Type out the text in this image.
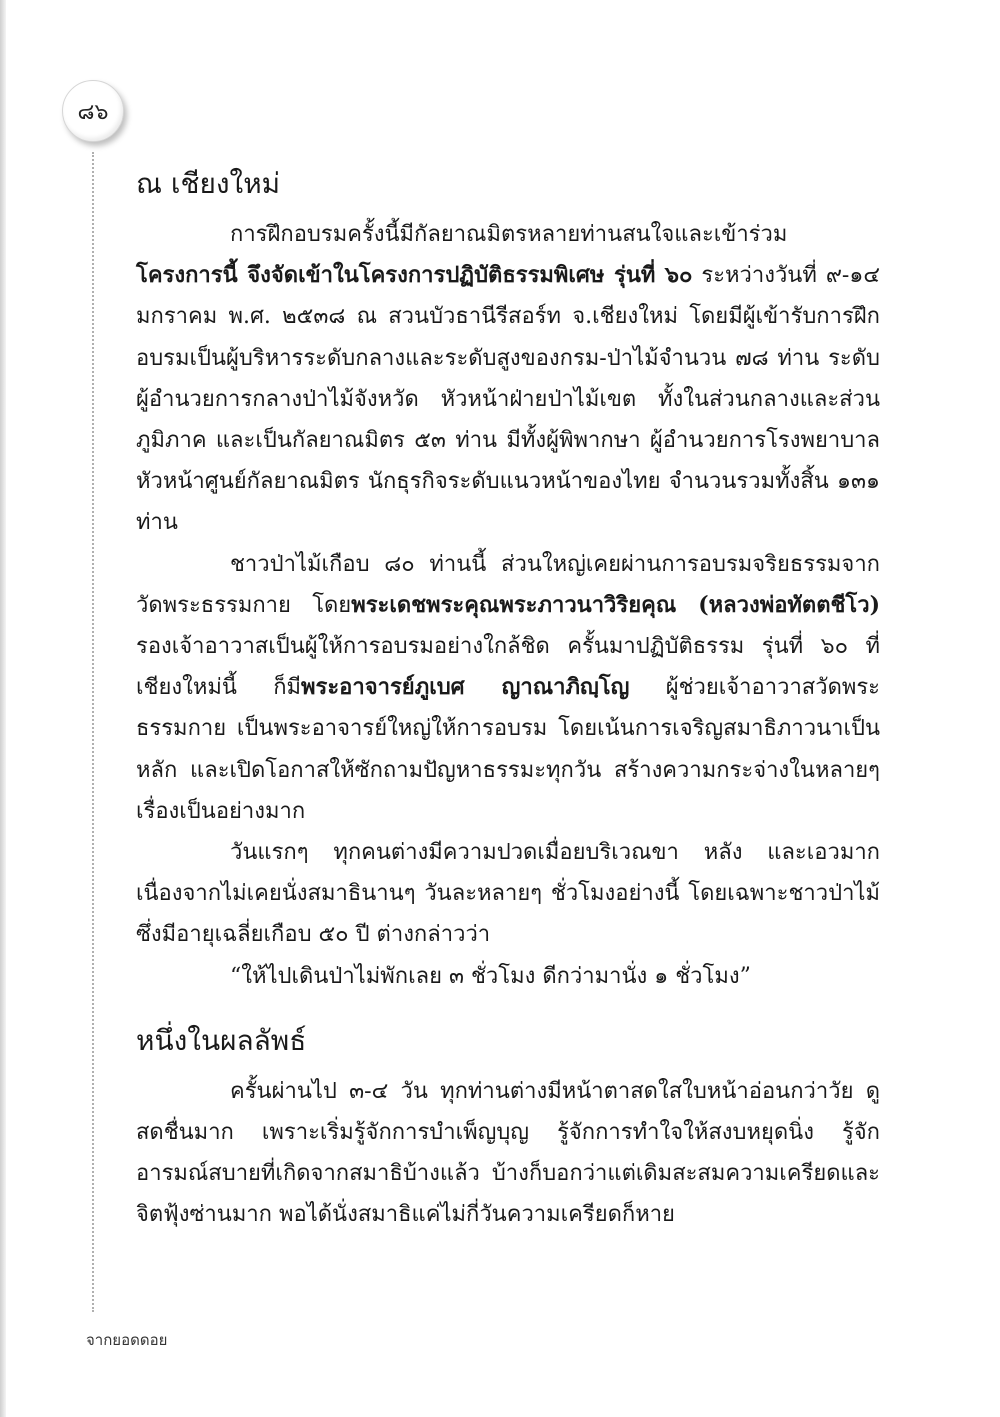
๘๖
ณ เชียงใหม่

การฝึกอบรมครั้งนี้มีกัลยาณมิตรหลายท่านสนใจและเข้าร่วม โครงการนี้ จึงจัดเข้าในโครงการปฏิบัติธรรมพิเศษ รุ่นที่ ๖๐ ระหว่างวันที่ ๙-๑๔ มกราคม พ.ศ. ๒๕๓๘ ณ สวนบัวธานีรีสอร์ท จ.เชียงใหม่ โดยมีผู้เข้ารับการฝึกอบรมเป็นผู้บริหารระดับกลางและระดับสูงของกรม-ป่าไม้จำนวน ๗๘ ท่าน ระดับผู้อำนวยการกลางป่าไม้จังหวัด หัวหน้าฝ่ายป่าไม้เขต ทั้งในส่วนกลางและส่วนภูมิภาค และเป็นกัลยาณมิตร ๕๓ ท่าน มีทั้งผู้พิพากษา ผู้อำนวยการโรงพยาบาล หัวหน้าศูนย์กัลยาณมิตร นักธุรกิจระดับแนวหน้าของไทย จำนวนรวมทั้งสิ้น ๑๓๑ ท่าน

ชาวป่าไม้เกือบ ๘๐ ท่านนี้ ส่วนใหญ่เคยผ่านการอบรมจริยธรรมจากวัดพระธรรมกาย โดยพระเดชพระคุณพระภาวนาวิริยคุณ (หลวงพ่อทัตตชีโว) รองเจ้าอาวาสเป็นผู้ให้การอบรมอย่างใกล้ชิด ครั้นมาปฏิบัติธรรม รุ่นที่ ๖๐ ที่เชียงใหม่นี้ ก็มีพระอาจารย์ภูเบศ ญาณาภิญฺโญ ผู้ช่วยเจ้าอาวาสวัดพระธรรมกาย เป็นพระอาจารย์ใหญ่ให้การอบรม โดยเน้นการเจริญสมาธิภาวนาเป็นหลัก และเปิดโอกาสให้ซักถามปัญหาธรรมะทุกวัน สร้างความกระจ่างในหลายๆ เรื่องเป็นอย่างมาก

วันแรกๆ ทุกคนต่างมีความปวดเมื่อยบริเวณขา หลัง และเอวมาก เนื่องจากไม่เคยนั่งสมาธินานๆ วันละหลายๆ ชั่วโมงอย่างนี้ โดยเฉพาะชาวป่าไม้ ซึ่งมีอายุเฉลี่ยเกือบ ๕๐ ปี ต่างกล่าวว่า

“ให้ไปเดินป่าไม่พักเลย ๓ ชั่วโมง ดีกว่ามานั่ง ๑ ชั่วโมง”

หนึ่งในผลลัพธ์

ครั้นผ่านไป ๓-๔ วัน ทุกท่านต่างมีหน้าตาสดใสใบหน้าอ่อนกว่าวัย ดูสดชื่นมาก เพราะเริ่มรู้จักการบำเพ็ญบุญ รู้จักการทำใจให้สงบหยุดนิ่ง รู้จักอารมณ์สบายที่เกิดจากสมาธิบ้างแล้ว บ้างก็บอกว่าแต่เดิมสะสมความเครียดและจิตฟุ้งซ่านมาก พอได้นั่งสมาธิแค่ไม่กี่วันความเครียดก็หาย

จากยอดดอย
